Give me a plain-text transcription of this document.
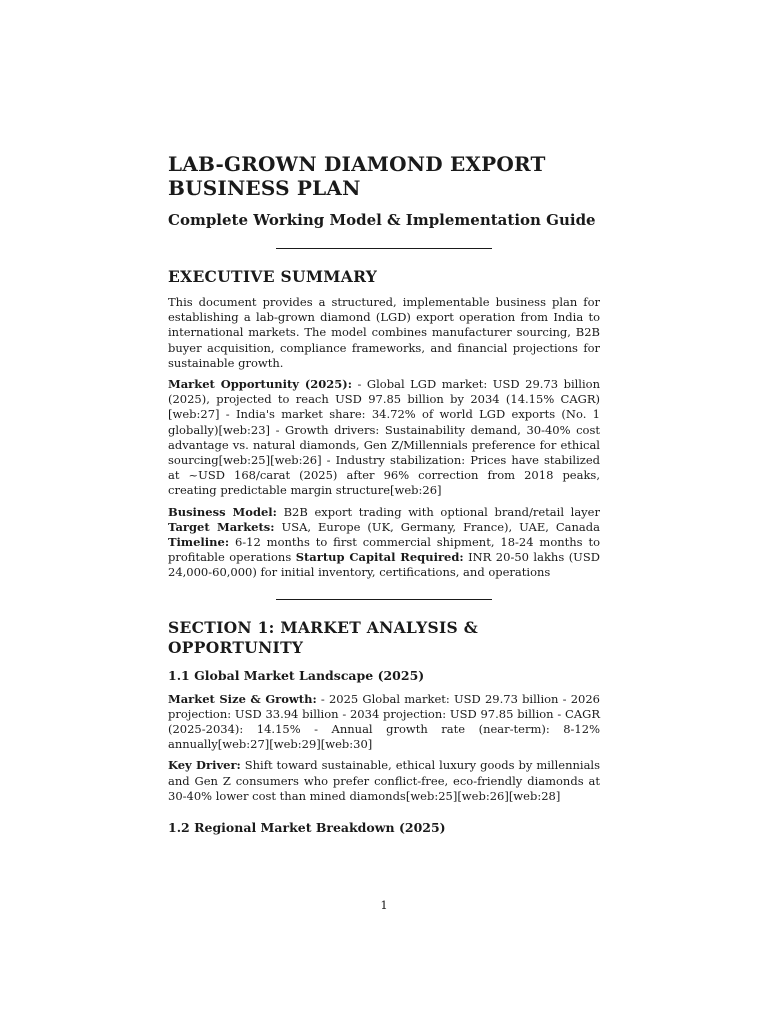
LAB-GROWN DIAMOND EXPORT BUSINESS PLAN
Complete Working Model & Implementation Guide
EXECUTIVE SUMMARY

This document provides a structured, implementable business plan for establishing a lab-grown diamond (LGD) export operation from India to international markets. The model combines manufacturer sourcing, B2B buyer acquisition, compliance frameworks, and financial projections for sustainable growth.

Market Opportunity (2025): - Global LGD market: USD 29.73 billion (2025), projected to reach USD 97.85 billion by 2034 (14.15% CAGR)[web:27] - India's market share: 34.72% of world LGD exports (No. 1 globally)[web:23] - Growth drivers: Sustainability demand, 30-40% cost advantage vs. natural diamonds, Gen Z/Millennials preference for ethical sourcing[web:25][web:26] - Industry stabilization: Prices have stabilized at ~USD 168/carat (2025) after 96% correction from 2018 peaks, creating predictable margin structure[web:26]

Business Model: B2B export trading with optional brand/retail layer Target Markets: USA, Europe (UK, Germany, France), UAE, Canada Timeline: 6-12 months to first commercial shipment, 18-24 months to profitable operations Startup Capital Required: INR 20-50 lakhs (USD 24,000-60,000) for initial inventory, certifications, and operations

SECTION 1: MARKET ANALYSIS & OPPORTUNITY
1.1 Global Market Landscape (2025)

Market Size & Growth: - 2025 Global market: USD 29.73 billion - 2026 projection: USD 33.94 billion - 2034 projection: USD 97.85 billion - CAGR (2025-2034): 14.15% - Annual growth rate (near-term): 8-12% annually[web:27][web:29][web:30]

Key Driver: Shift toward sustainable, ethical luxury goods by millennials and Gen Z consumers who prefer conflict-free, eco-friendly diamonds at 30-40% lower cost than mined diamonds[web:25][web:26][web:28]

1.2 Regional Market Breakdown (2025)
1
